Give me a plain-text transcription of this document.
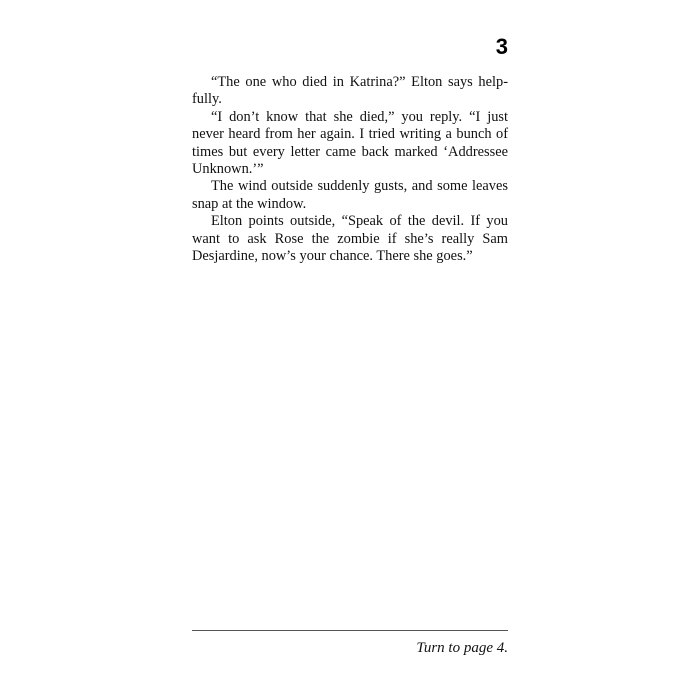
3

“The one who died in Katrina?” Elton says helpfully.

“I don’t know that she died,” you reply. “I just never heard from her again. I tried writing a bunch of times but every letter came back marked ‘Addressee Unknown.’”

The wind outside suddenly gusts, and some leaves snap at the window.

Elton points outside, “Speak of the devil. If you want to ask Rose the zombie if she’s really Sam Desjardine, now’s your chance. There she goes.”

Turn to page 4.
